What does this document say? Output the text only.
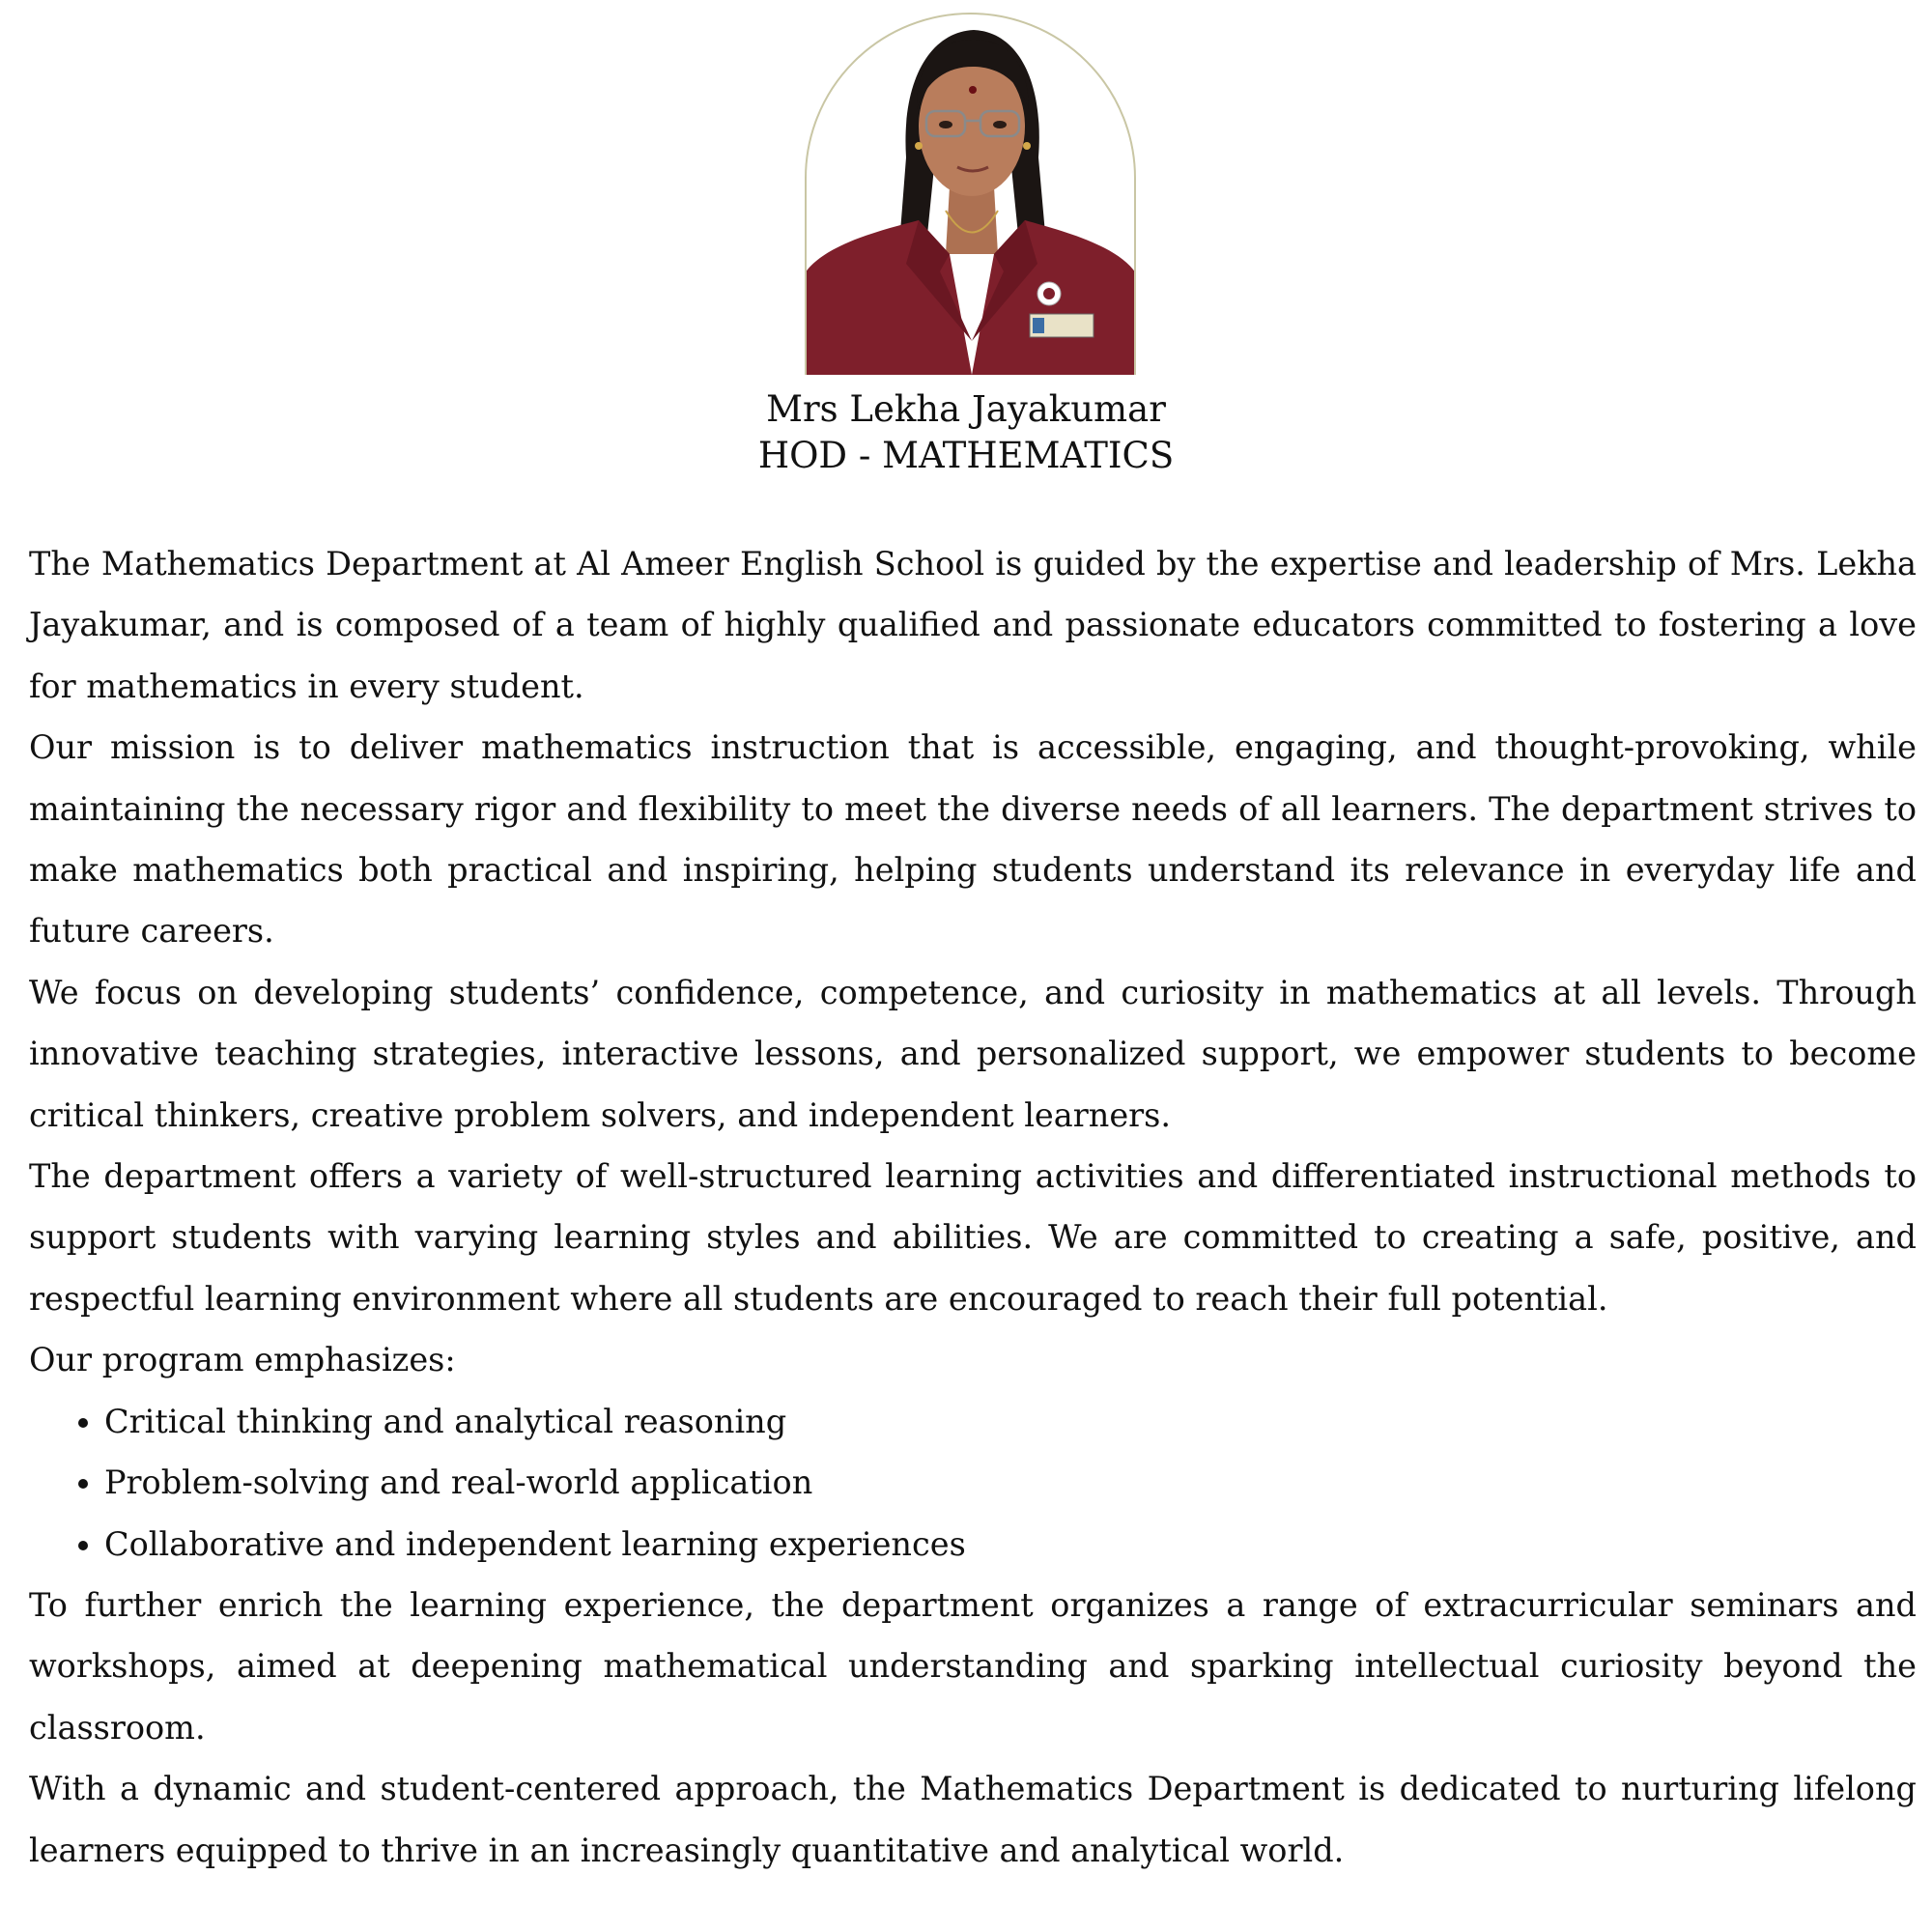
Mrs Lekha Jayakumar
HOD - MATHEMATICS

The Mathematics Department at Al Ameer English School is guided by the expertise and leadership of Mrs. Lekha Jayakumar, and is composed of a team of highly qualified and passionate educators committed to fostering a love for mathematics in every student.

Our mission is to deliver mathematics instruction that is accessible, engaging, and thought-provoking, while maintaining the necessary rigor and flexibility to meet the diverse needs of all learners. The department strives to make mathematics both practical and inspiring, helping students understand its relevance in everyday life and future careers.

We focus on developing students’ confidence, competence, and curiosity in mathematics at all levels. Through innovative teaching strategies, interactive lessons, and personalized support, we empower students to become critical thinkers, creative problem solvers, and independent learners.

The department offers a variety of well-structured learning activities and differentiated instructional methods to support students with varying learning styles and abilities. We are committed to creating a safe, positive, and respectful learning environment where all students are encouraged to reach their full potential.

Our program emphasizes:

• Critical thinking and analytical reasoning
• Problem-solving and real-world application
• Collaborative and independent learning experiences

To further enrich the learning experience, the department organizes a range of extracurricular seminars and workshops, aimed at deepening mathematical understanding and sparking intellectual curiosity beyond the classroom.

With a dynamic and student-centered approach, the Mathematics Department is dedicated to nurturing lifelong learners equipped to thrive in an increasingly quantitative and analytical world.
